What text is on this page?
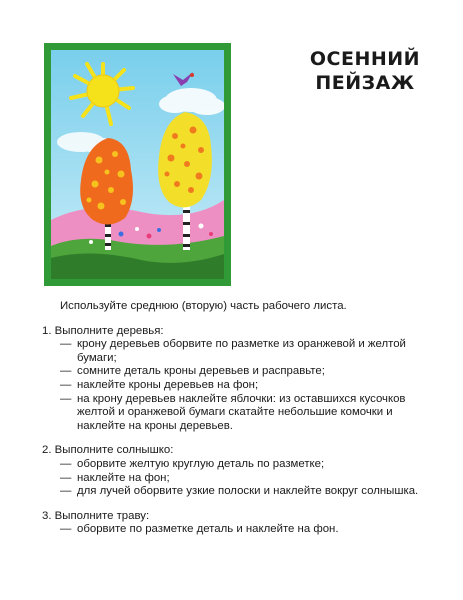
ОСЕННИЙ
ПЕЙЗАЖ

Используйте среднюю (вторую) часть рабочего листа.

1. Выполните деревья:
— крону деревьев оборвите по разметке из оранжевой и желтой бумаги;
— сомните деталь кроны деревьев и расправьте;
— наклейте кроны деревьев на фон;
— на крону деревьев наклейте яблочки: из оставшихся кусочков желтой и оранжевой бумаги скатайте небольшие комочки и наклейте на кроны деревьев.
2. Выполните солнышко:
— оборвите желтую круглую деталь по разметке;
— наклейте на фон;
— для лучей оборвите узкие полоски и наклейте вокруг солнышка.
3. Выполните траву:
— оборвите по разметке деталь и наклейте на фон.
